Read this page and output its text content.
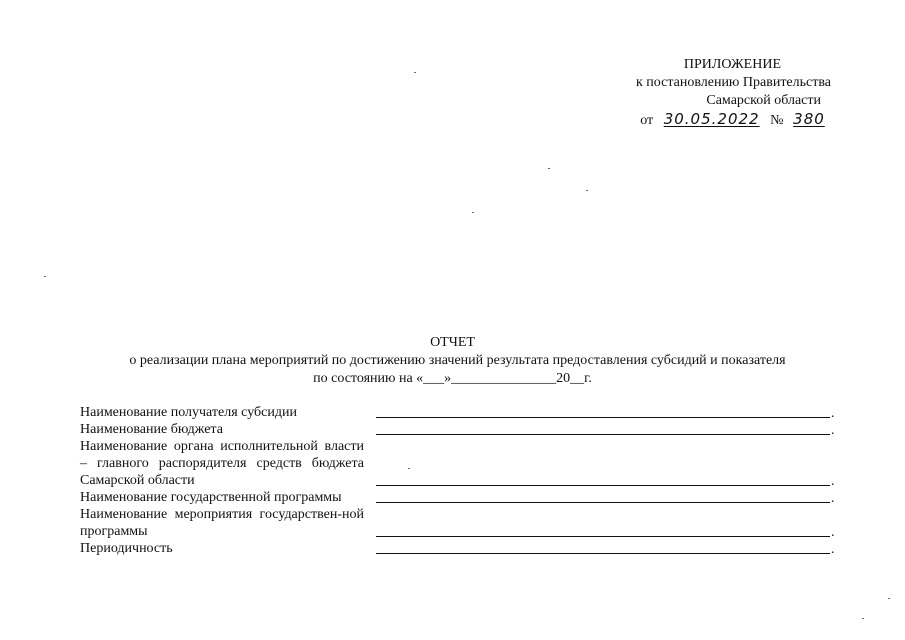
ПРИЛОЖЕНИЕ
к постановлению Правительства
Самарской области
от 30.05.2022 № 380
ОТЧЕТ
о реализации плана мероприятий по достижению значений результата предоставления субсидий и показателя
по состоянию на «___»_______________20__г.
Наименование получателя субсидии	.
Наименование бюджета	.
Наименование органа исполнительной власти – главного распорядителя средств бюджета Самарской области	.
Наименование государственной программы	.
Наименование мероприятия государствен-ной программы	.
Периодичность	.
